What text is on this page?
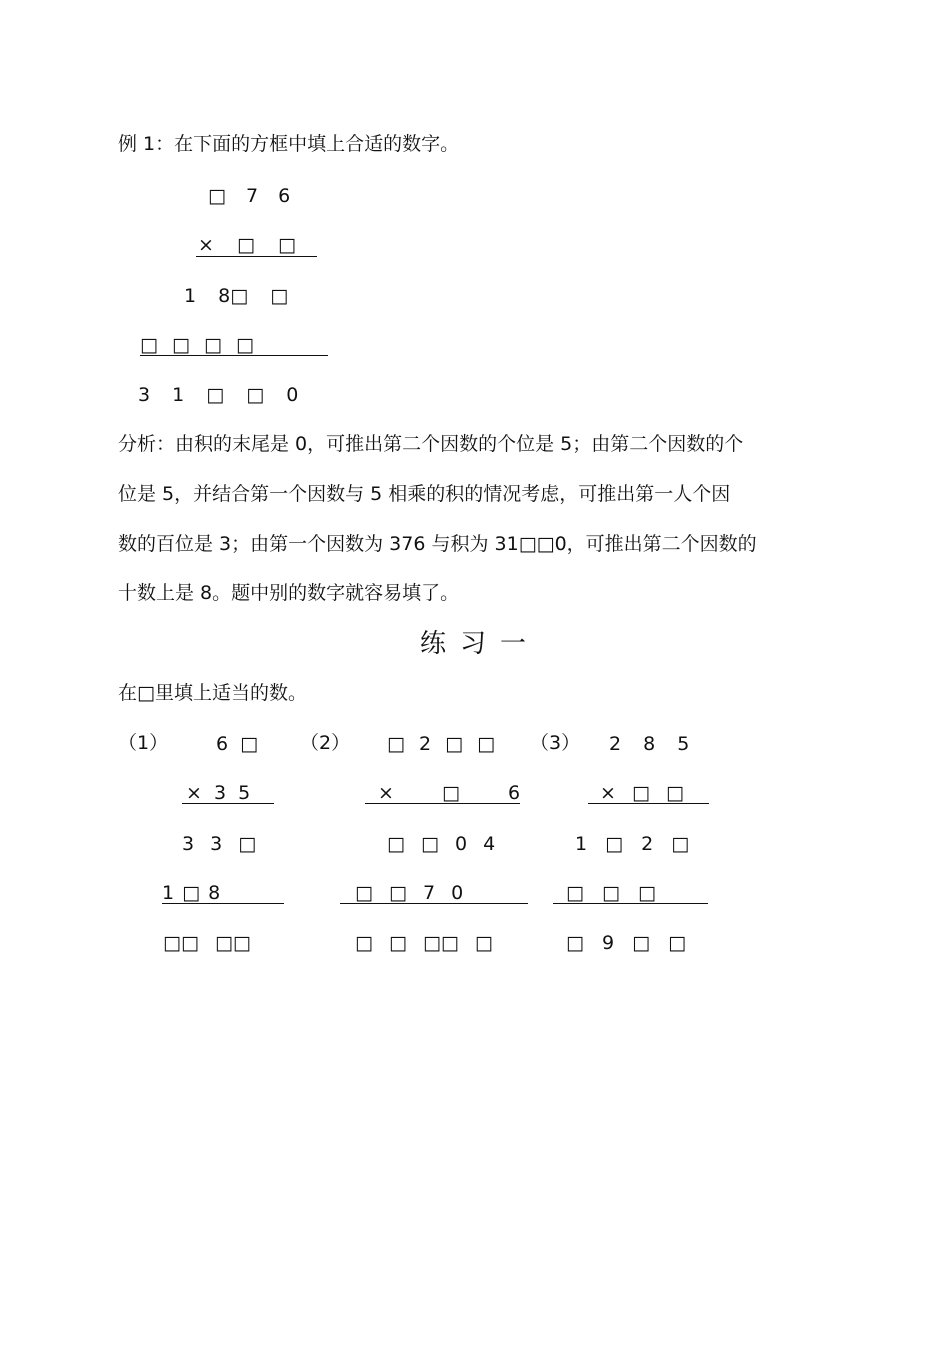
例 1：在下面的方框中填上合适的数字。
□ 7 6
× □ □
1 8□ □
□ □ □ □
3 1 □ □ 0
分析：由积的末尾是 0，可推出第二个因数的个位是 5；由第二个因数的个
位是 5，并结合第一个因数与 5 相乘的积的情况考虑，可推出第一人个因
数的百位是 3；由第一个因数为 376 与积为 31□□0，可推出第二个因数的
十数上是 8。题中别的数字就容易填了。
练习一
在□里填上适当的数。
（1）	6 □
× 3 5
3 3 □
1 □ 8
□□ □□
（2） □ 2 □ □
× □ 6
□ □ 0 4
□ □ 7 0
□ □ □□ □
（3） 2 8 5
× □ □
1 □ 2 □
□ □ □
□ 9 □ □
